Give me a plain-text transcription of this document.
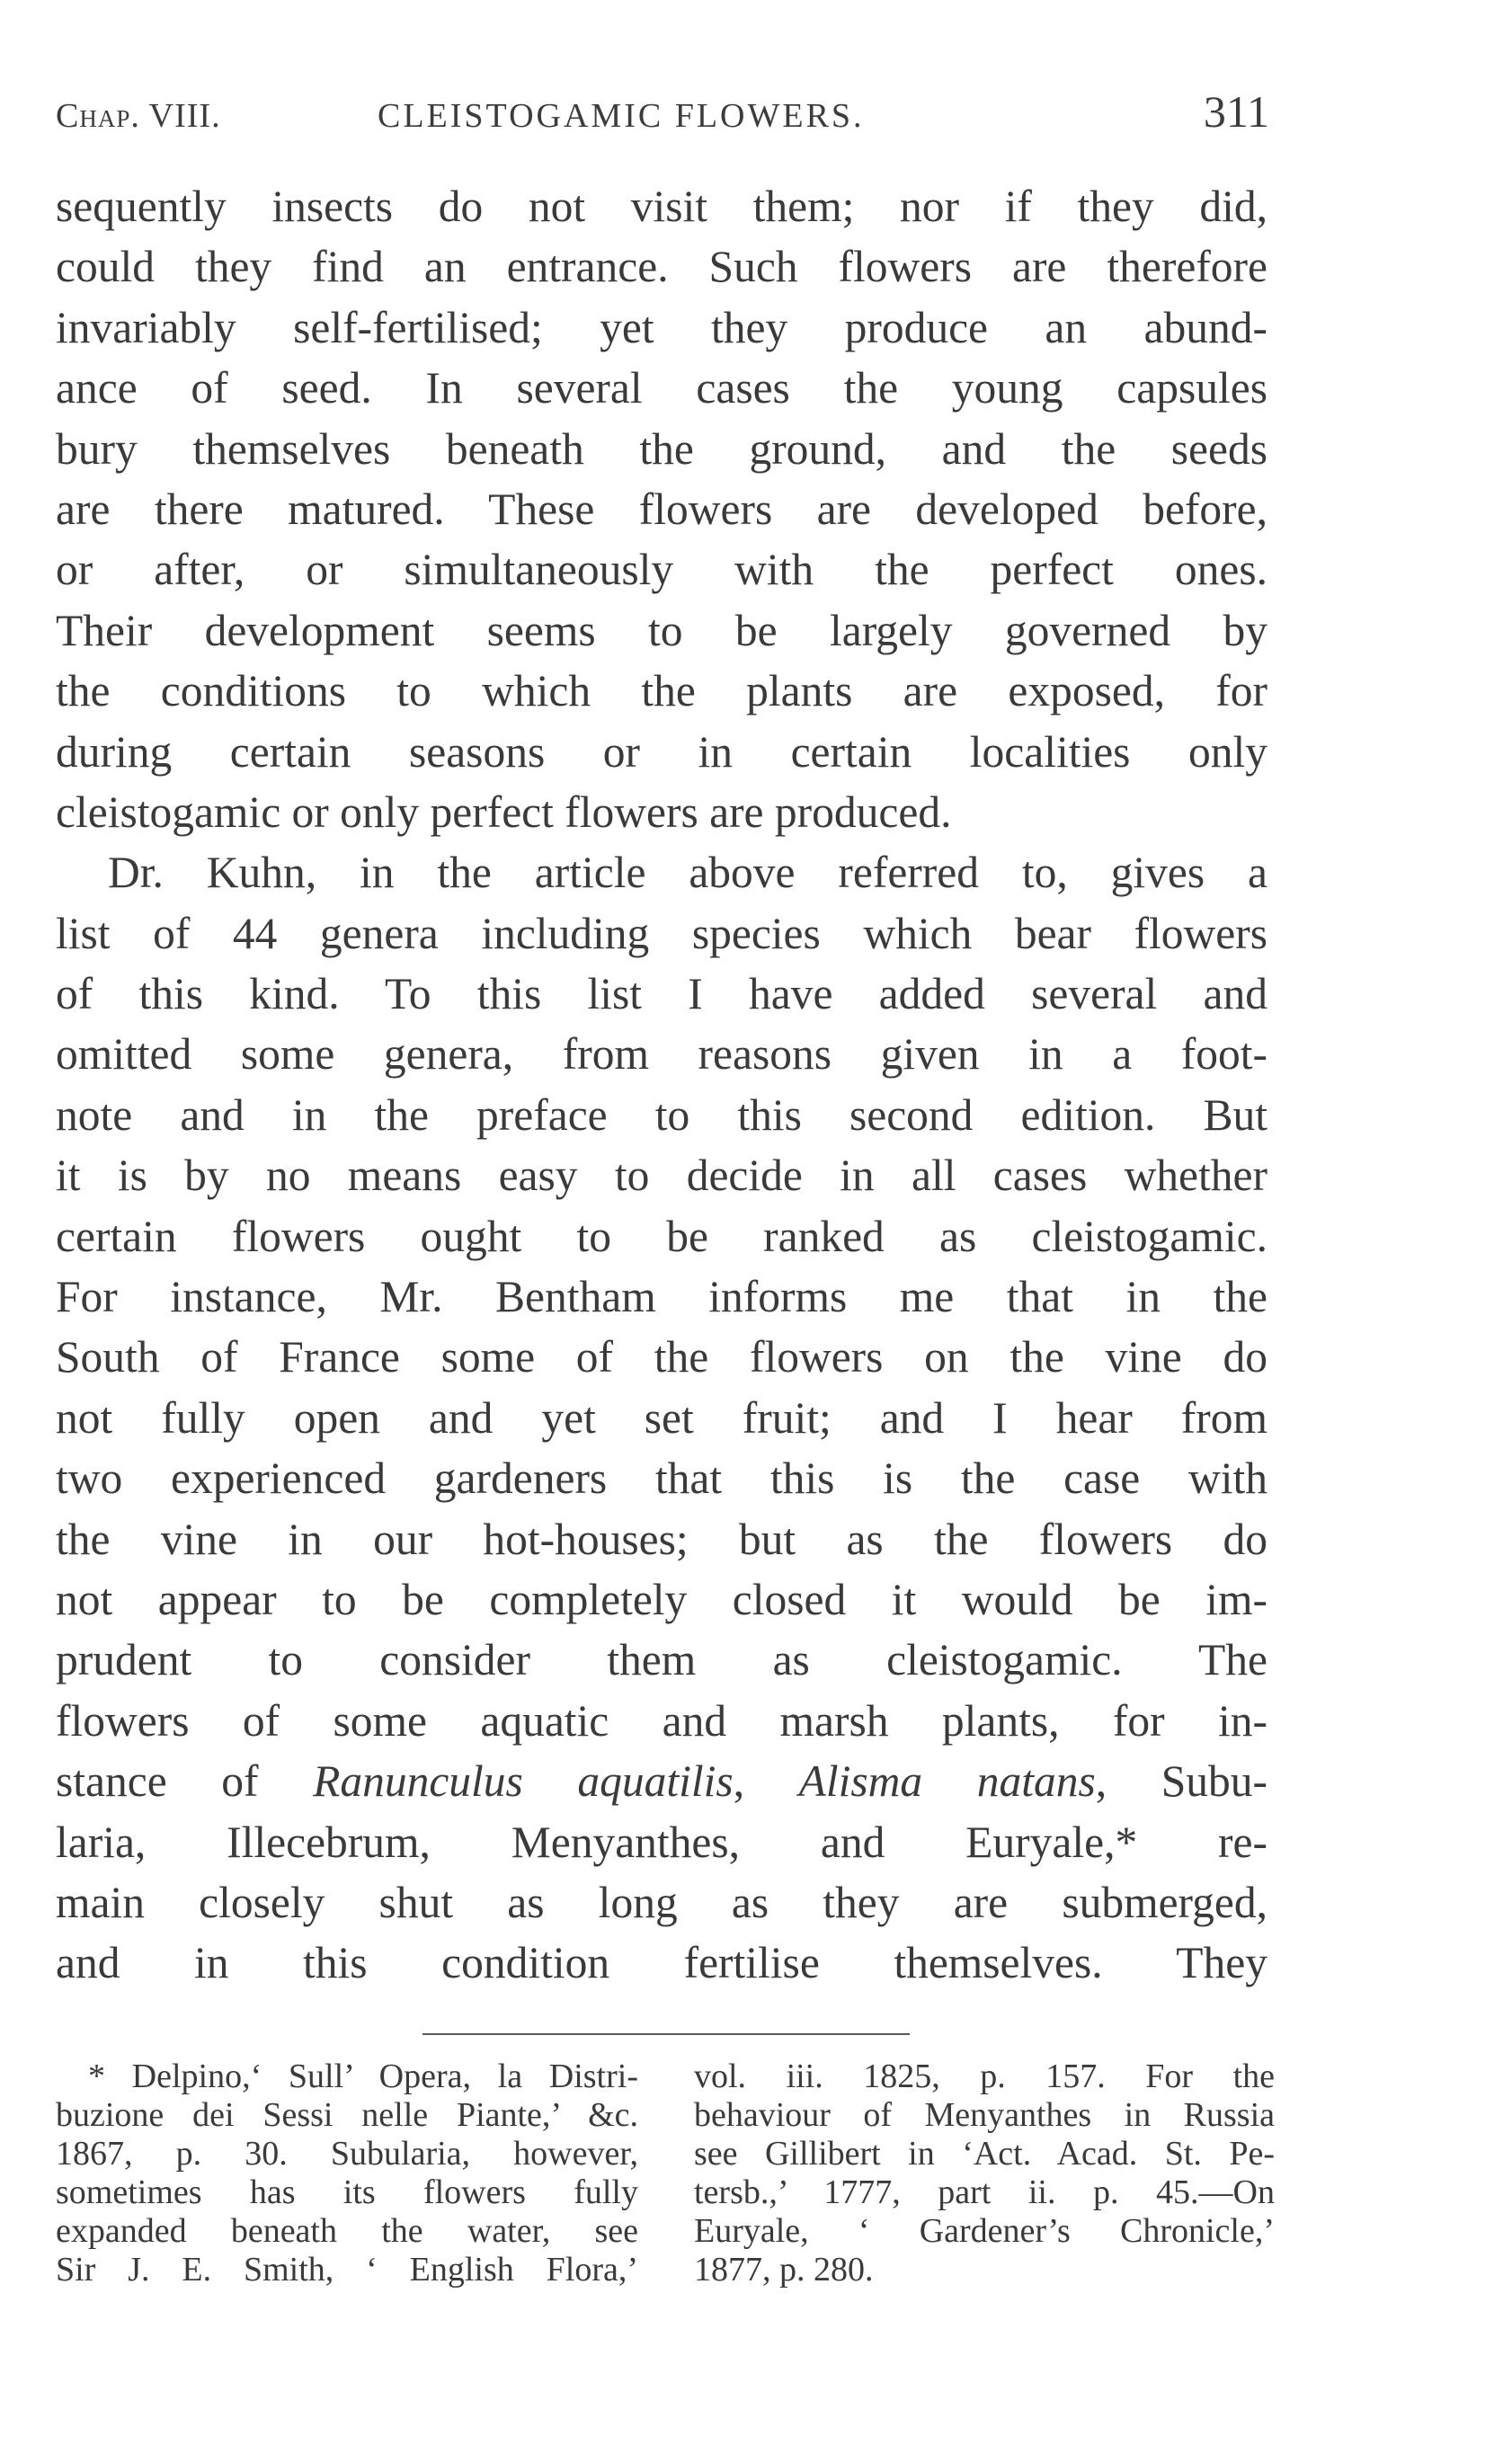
Chap. VIII.	CLEISTOGAMIC FLOWERS.	311
sequently insects do not visit them; nor if they did,
could they find an entrance. Such flowers are therefore
invariably self-fertilised; yet they produce an abund-
ance of seed. In several cases the young capsules
bury themselves beneath the ground, and the seeds
are there matured. These flowers are developed before,
or after, or simultaneously with the perfect ones.
Their development seems to be largely governed by
the conditions to which the plants are exposed, for
during certain seasons or in certain localities only
cleistogamic or only perfect flowers are produced.
Dr. Kuhn, in the article above referred to, gives a
list of 44 genera including species which bear flowers
of this kind. To this list I have added several and
omitted some genera, from reasons given in a foot-
note and in the preface to this second edition. But
it is by no means easy to decide in all cases whether
certain flowers ought to be ranked as cleistogamic.
For instance, Mr. Bentham informs me that in the
South of France some of the flowers on the vine do
not fully open and yet set fruit; and I hear from
two experienced gardeners that this is the case with
the vine in our hot-houses; but as the flowers do
not appear to be completely closed it would be im-
prudent to consider them as cleistogamic. The
flowers of some aquatic and marsh plants, for in-
stance of Ranunculus aquatilis, Alisma natans, Subu-
laria, Illecebrum, Menyanthes, and Euryale,* re-
main closely shut as long as they are submerged,
and in this condition fertilise themselves. They
* Delpino,‘ Sull’ Opera, la Distri-
buzione dei Sessi nelle Piante,’ &c.
1867, p. 30. Subularia, however,
sometimes has its flowers fully
expanded beneath the water, see
Sir J. E. Smith, ‘ English Flora,’
vol. iii. 1825, p. 157. For the
behaviour of Menyanthes in Russia
see Gillibert in ‘Act. Acad. St. Pe-
tersb.,’ 1777, part ii. p. 45.—On
Euryale, ‘ Gardener’s Chronicle,’
1877, p. 280.
